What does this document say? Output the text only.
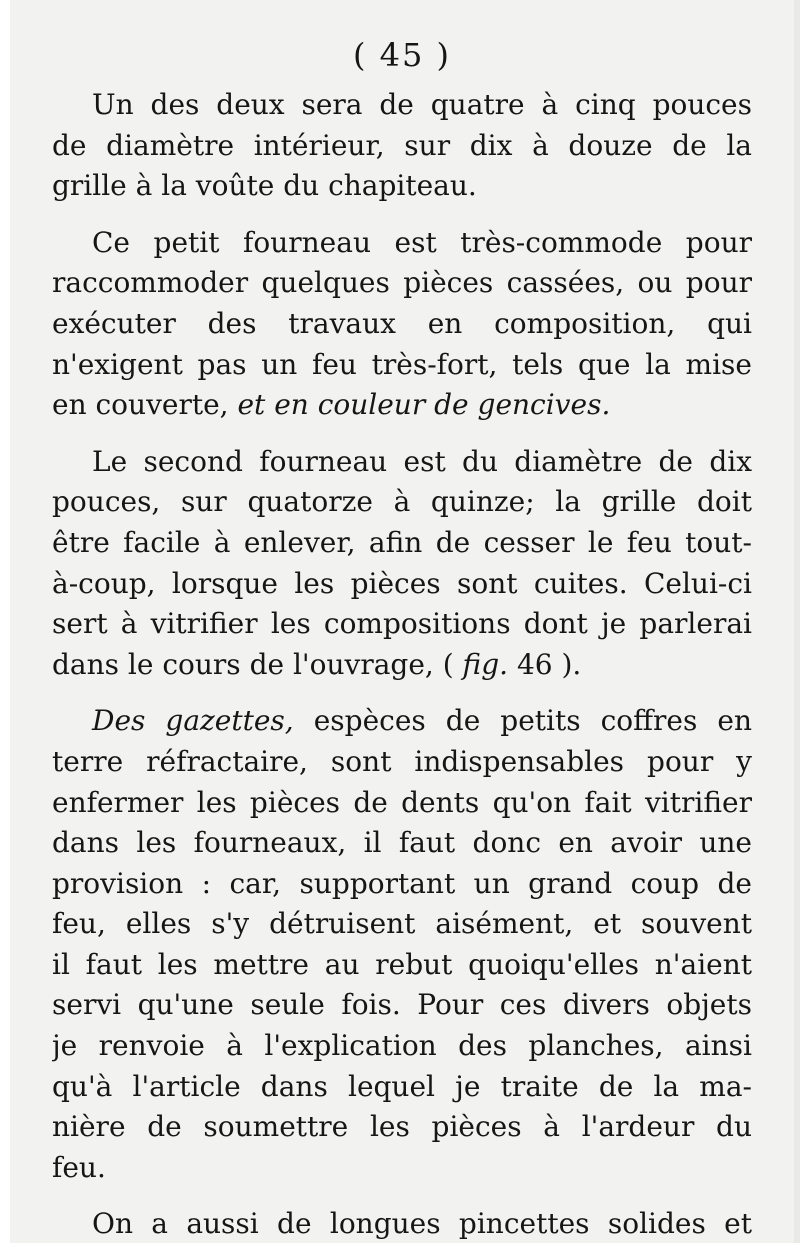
( 45 )
Un des deux sera de quatre à cinq pouces
de diamètre intérieur, sur dix à douze de la
grille à la voûte du chapiteau.
Ce petit fourneau est très-commode pour
raccommoder quelques pièces cassées, ou pour
exécuter des travaux en composition, qui
n'exigent pas un feu très-fort, tels que la mise
en couverte, et en couleur de gencives.
Le second fourneau est du diamètre de dix
pouces, sur quatorze à quinze; la grille doit
être facile à enlever, afin de cesser le feu tout-
à-coup, lorsque les pièces sont cuites. Celui-ci
sert à vitrifier les compositions dont je parlerai
dans le cours de l'ouvrage, ( fig. 46 ).
Des gazettes, espèces de petits coffres en
terre réfractaire, sont indispensables pour y
enfermer les pièces de dents qu'on fait vitrifier
dans les fourneaux, il faut donc en avoir une
provision : car, supportant un grand coup de
feu, elles s'y détruisent aisément, et souvent
il faut les mettre au rebut quoiqu'elles n'aient
servi qu'une seule fois. Pour ces divers objets
je renvoie à l'explication des planches, ainsi
qu'à l'article dans lequel je traite de la ma-
nière de soumettre les pièces à l'ardeur du
feu.
On a aussi de longues pincettes solides et
